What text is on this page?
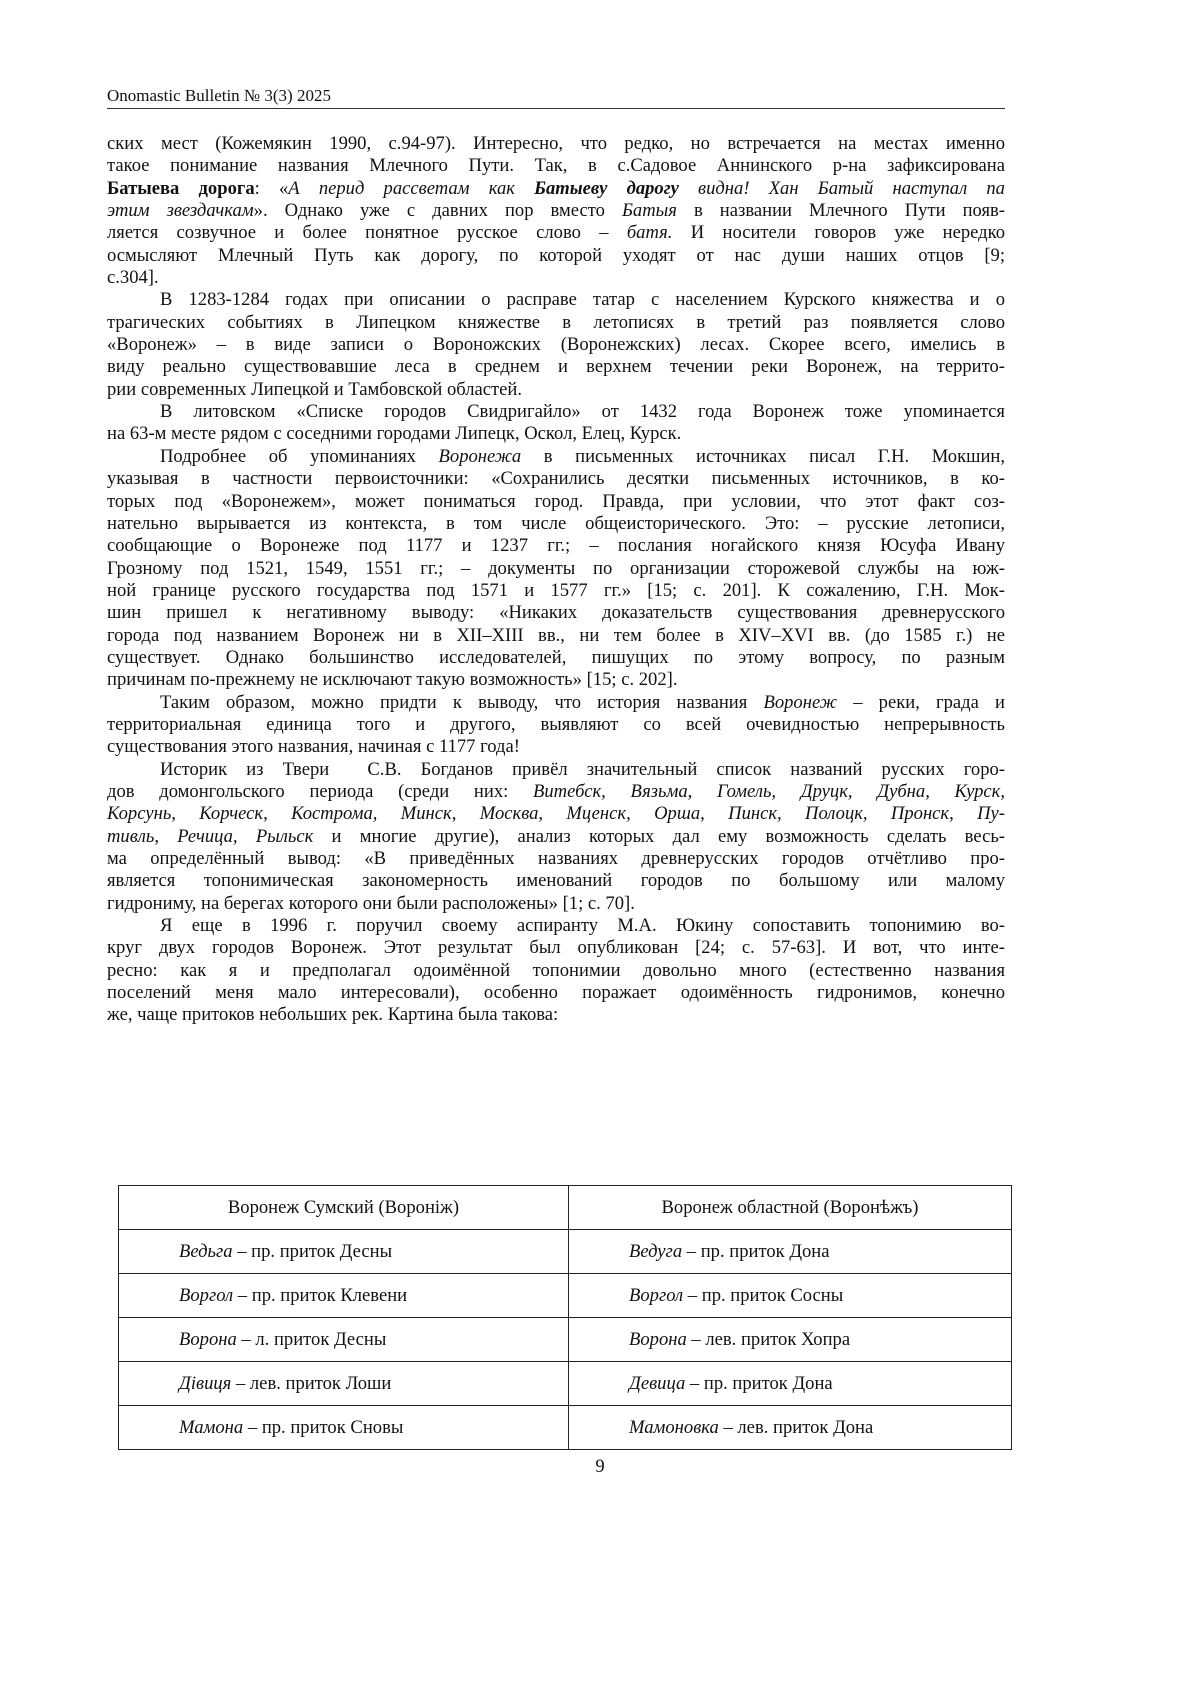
Onomastic Bulletin № 3(3) 2025
ских мест (Кожемякин 1990, с.94-97). Интересно, что редко, но встречается на местах именно
такое понимание названия Млечного Пути. Так, в с.Садовое Аннинского р-на зафиксирована
Батыева дорога: «А перид рассветам как Батыеву дарогу видна! Хан Батый наступал па
этим звездачкам». Однако уже с давних пор вместо Батыя в названии Млечного Пути появ-
ляется созвучное и более понятное русское слово – батя. И носители говоров уже нередко
осмысляют Млечный Путь как дорогу, по которой уходят от нас души наших отцов [9;
с.304].
В 1283-1284 годах при описании о расправе татар с населением Курского княжества и о
трагических событиях в Липецком княжестве в летописях в третий раз появляется слово
«Воронеж» – в виде записи о Вороножских (Воронежских) лесах. Скорее всего, имелись в
виду реально существовавшие леса в среднем и верхнем течении реки Воронеж, на террито-
рии современных Липецкой и Тамбовской областей.
В литовском «Списке городов Свидригайло» от 1432 года Воронеж тоже упоминается
на 63-м месте рядом с соседними городами Липецк, Оскол, Елец, Курск.
Подробнее об упоминаниях Воронежа в письменных источниках писал Г.Н. Мокшин,
указывая в частности первоисточники: «Сохранились десятки письменных источников, в ко-
торых под «Воронежем», может пониматься город. Правда, при условии, что этот факт соз-
нательно вырывается из контекста, в том числе общеисторического. Это: – русские летописи,
сообщающие о Воронеже под 1177 и 1237 гг.; – послания ногайского князя Юсуфа Ивану
Грозному под 1521, 1549, 1551 гг.; – документы по организации сторожевой службы на юж-
ной границе русского государства под 1571 и 1577 гг.» [15; с. 201]. К сожалению, Г.Н. Мок-
шин пришел к негативному выводу: «Никаких доказательств существования древнерусского
города под названием Воронеж ни в XII–XIII вв., ни тем более в XIV–XVI вв. (до 1585 г.) не
существует. Однако большинство исследователей, пишущих по этому вопросу, по разным
причинам по-прежнему не исключают такую возможность» [15; с. 202].
Таким образом, можно придти к выводу, что история названия Воронеж – реки, града и
территориальная единица того и другого, выявляют со всей очевидностью непрерывность
существования этого названия, начиная с 1177 года!
Историк из Твери  С.В. Богданов привёл значительный список названий русских горо-
дов домонгольского периода (среди них: Витебск, Вязьма, Гомель, Друцк, Дубна, Курск,
Корсунь, Корческ, Кострома, Минск, Москва, Мценск, Орша, Пинск, Полоцк, Пронск, Пу-
тивль, Речица, Рыльск и многие другие), анализ которых дал ему возможность сделать весь-
ма определённый вывод: «В приведённых названиях древнерусских городов отчётливо про-
является топонимическая закономерность именований городов по большому или малому
гидрониму, на берегах которого они были расположены» [1; с. 70].
Я еще в 1996 г. поручил своему аспиранту М.А. Юкину сопоставить топонимию во-
круг двух городов Воронеж. Этот результат был опубликован [24; с. 57-63]. И вот, что инте-
ресно: как я и предполагал одоимённой топонимии довольно много (естественно названия
поселений меня мало интересовали), особенно поражает одоимённость гидронимов, конечно
же, чаще притоков небольших рек. Картина была такова:
Воронеж Сумский (Вороніж)	Воронеж областной (Воронѣжъ)
Ведьга – пр. приток Десны	Ведуга – пр. приток Дона
Воргол – пр. приток Клевени	Воргол – пр. приток Сосны
Ворона – л. приток Десны	Ворона – лев. приток Хопра
Дівиця – лев. приток Лоши	Девица – пр. приток Дона
Мамона – пр. приток Сновы	Мамоновка – лев. приток Дона
9
